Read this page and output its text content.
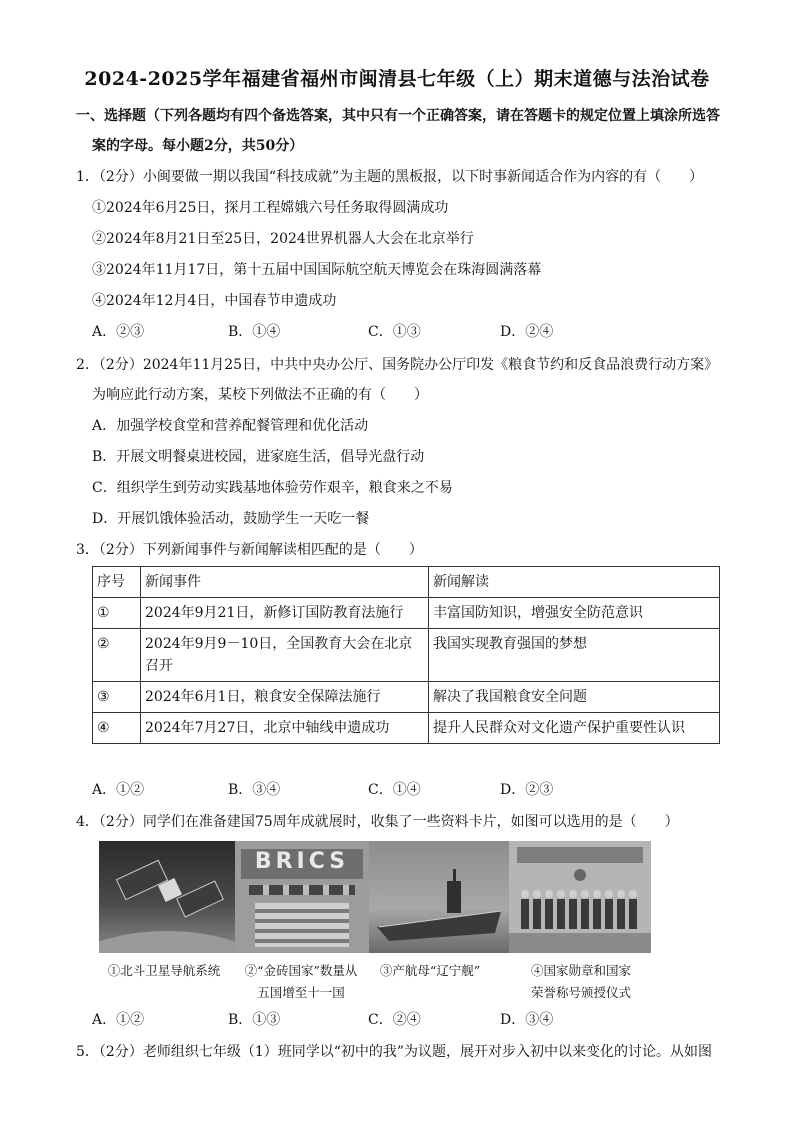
2024-2025学年福建省福州市闽清县七年级（上）期末道德与法治试卷
一、选择题（下列各题均有四个备选答案，其中只有一个正确答案，请在答题卡的规定位置上填涂所选答
案的字母。每小题2分，共50分）
1．（2分）小闽要做一期以我国“科技成就”为主题的黑板报，以下时事新闻适合作为内容的有（　　）
①2024年6月25日，探月工程嫦娥六号任务取得圆满成功
②2024年8月21日至25日，2024世界机器人大会在北京举行
③2024年11月17日，第十五届中国国际航空航天博览会在珠海圆满落幕
④2024年12月4日，中国春节申遗成功
A．②③	B．①④	C．①③	D．②④
2．（2分）2024年11月25日，中共中央办公厅、国务院办公厅印发《粮食节约和反食品浪费行动方案》
为响应此行动方案，某校下列做法不正确的有（　　）
A．加强学校食堂和营养配餐管理和优化活动
B．开展文明餐桌进校园，进家庭生活，倡导光盘行动
C．组织学生到劳动实践基地体验劳作艰辛，粮食来之不易
D．开展饥饿体验活动，鼓励学生一天吃一餐
3．（2分）下列新闻事件与新闻解读相匹配的是（　　）
序号	新闻事件	新闻解读
①	2024年9月21日，新修订国防教育法施行	丰富国防知识，增强安全防范意识
②	2024年9月9－10日，全国教育大会在北京召开	我国实现教育强国的梦想
③	2024年6月1日，粮食安全保障法施行	解决了我国粮食安全问题
④	2024年7月27日，北京中轴线申遗成功	提升人民群众对文化遗产保护重要性认识
A．①②	B．③④	C．①④	D．②③
4．（2分）同学们在准备建国75周年成就展时，收集了一些资料卡片，如图可以选用的是（　　）
BRICS
①北斗卫星导航系统	②“金砖国家”数量从
五国增至十一国
③产航母“辽宁舰”	④国家勋章和国家
荣誉称号颁授仪式
A．①②	B．①③	C．②④	D．③④
5．（2分）老师组织七年级（1）班同学以“初中的我”为议题，展开对步入初中以来变化的讨论。从如图
